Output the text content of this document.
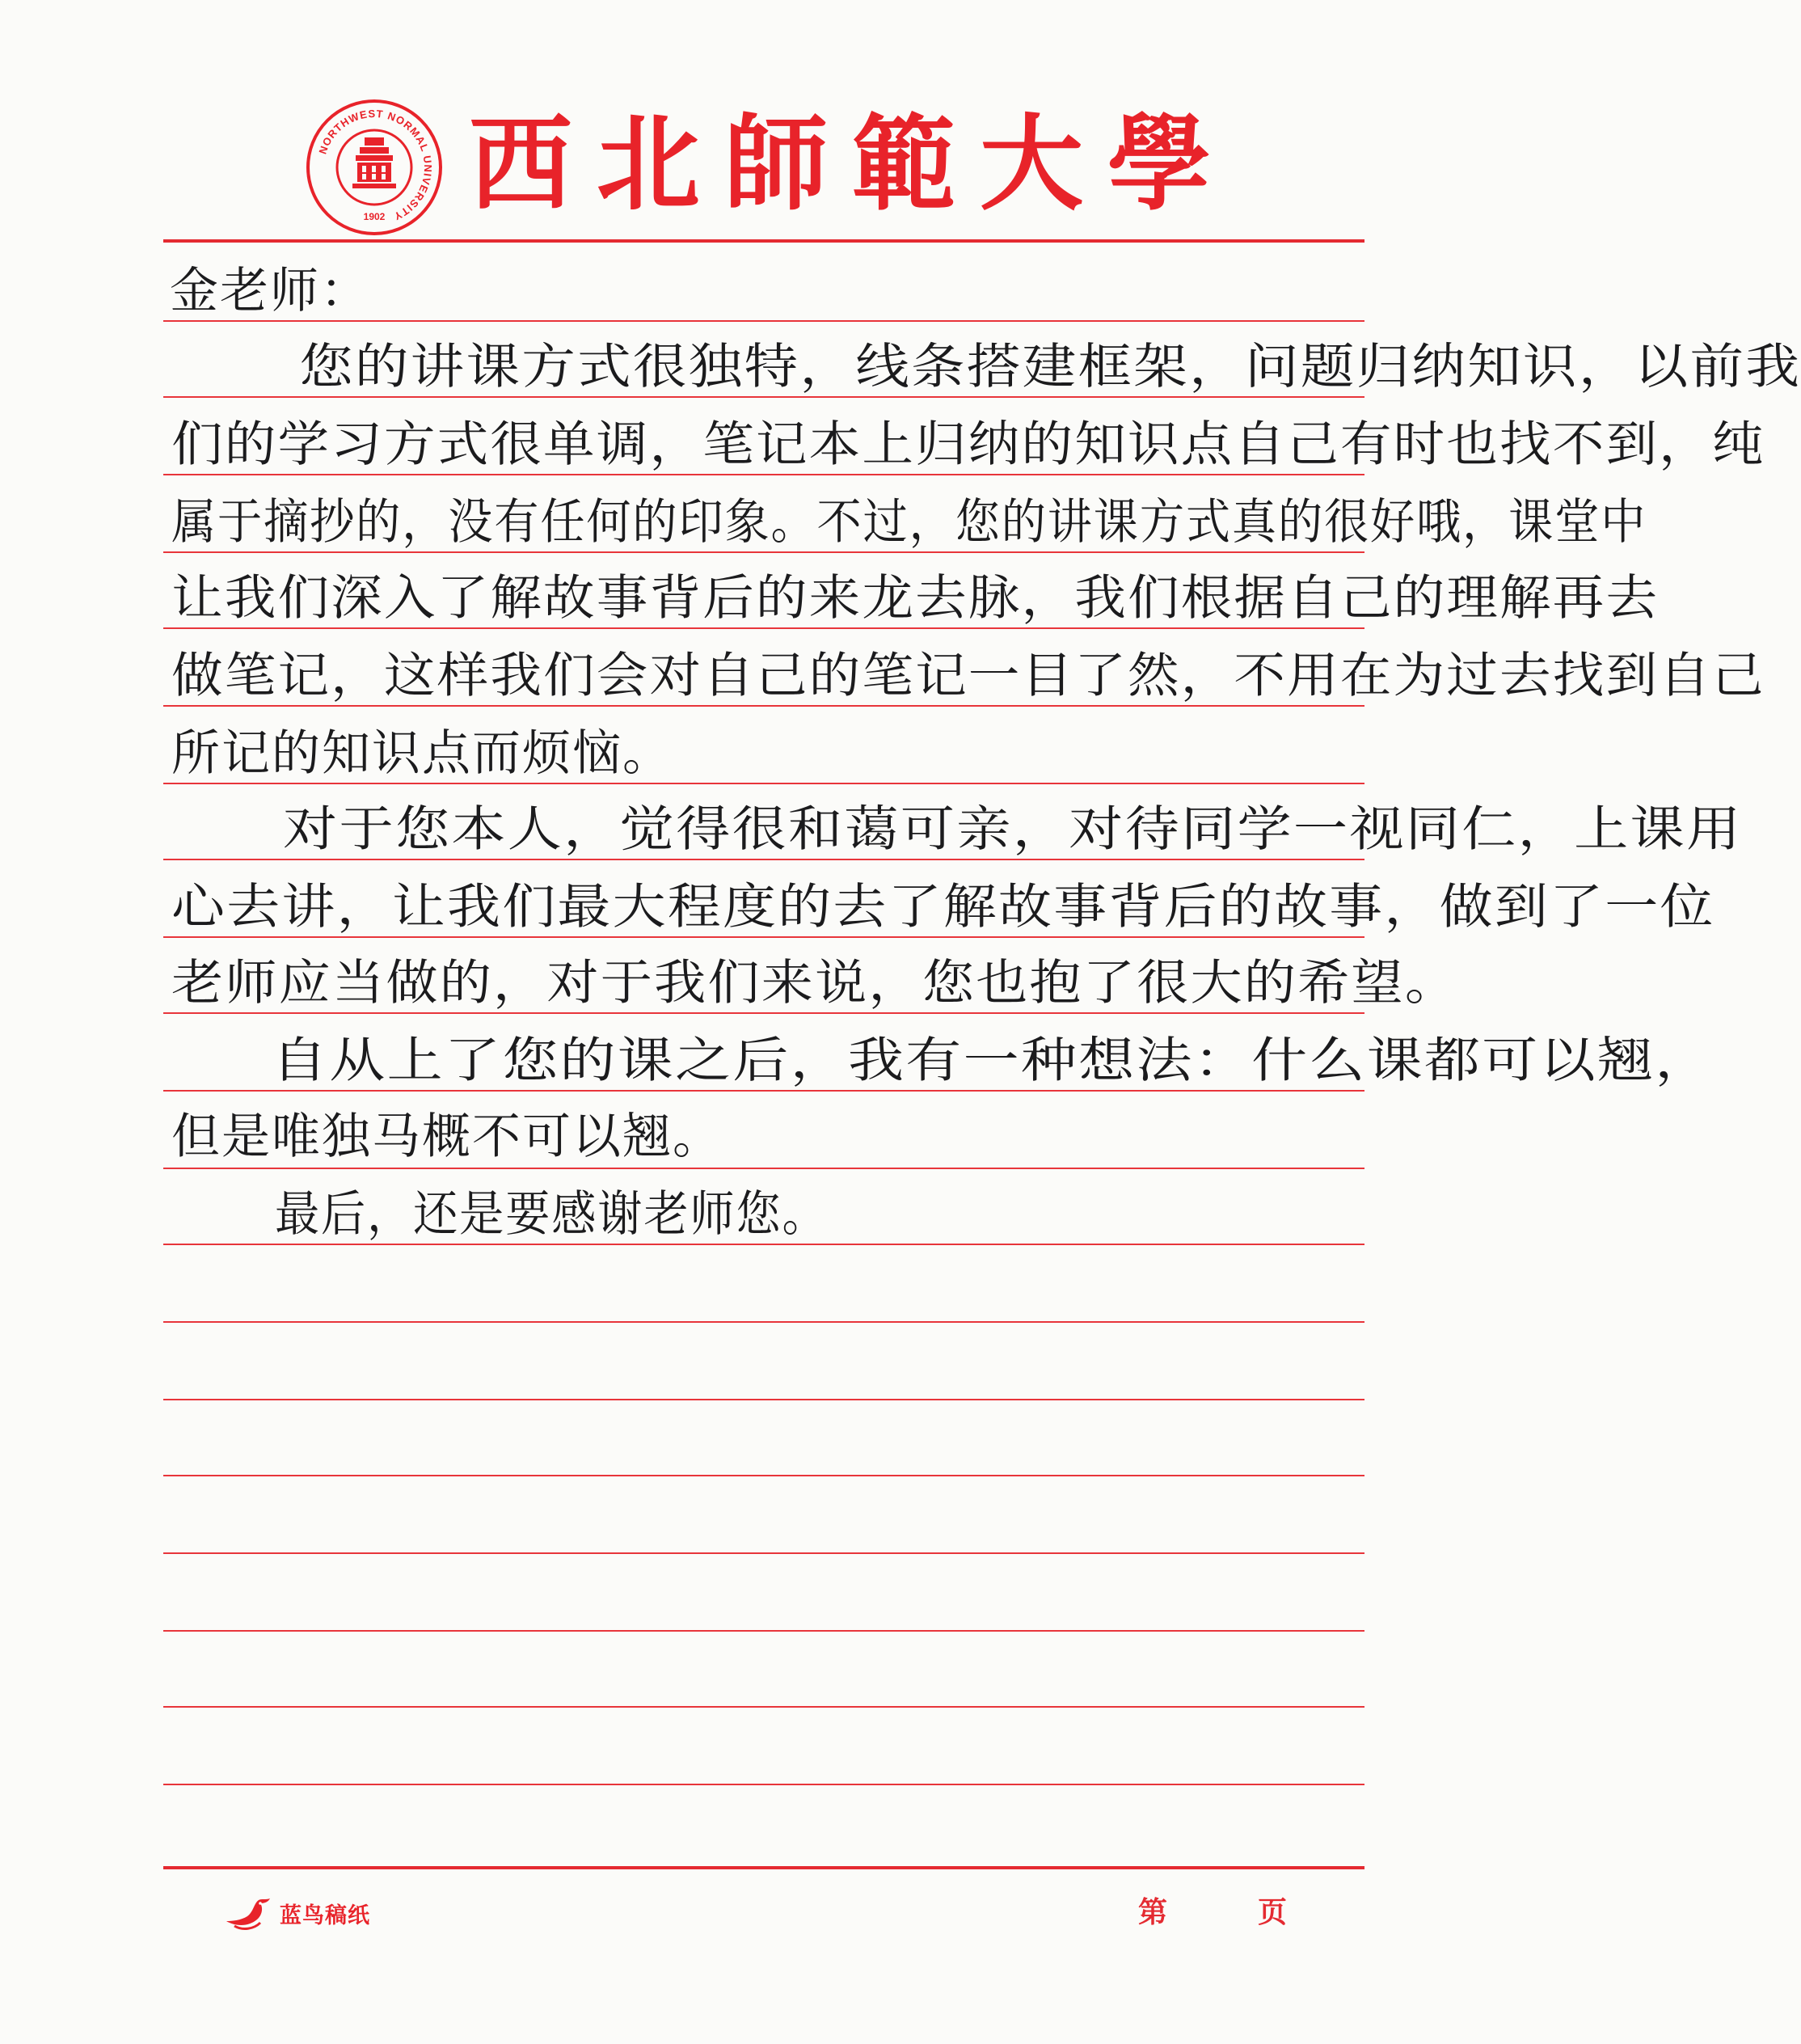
NORTHWEST NORMAL UNIVERSITY
1902 西北師範大學
金老师：
您的讲课方式很独特，线条搭建框架，问题归纳知识，以前我
们的学习方式很单调，笔记本上归纳的知识点自己有时也找不到，纯
属于摘抄的，没有任何的印象。不过，您的讲课方式真的很好哦，课堂中
让我们深入了解故事背后的来龙去脉，我们根据自己的理解再去
做笔记，这样我们会对自己的笔记一目了然，不用在为过去找到自己
所记的知识点而烦恼。
对于您本人，觉得很和蔼可亲，对待同学一视同仁，上课用
心去讲，让我们最大程度的去了解故事背后的故事，做到了一位
老师应当做的，对于我们来说，您也抱了很大的希望。
自从上了您的课之后，我有一种想法：什么课都可以翘，
但是唯独马概不可以翘。
最后，还是要感谢老师您。
蓝鸟稿纸	第	页
